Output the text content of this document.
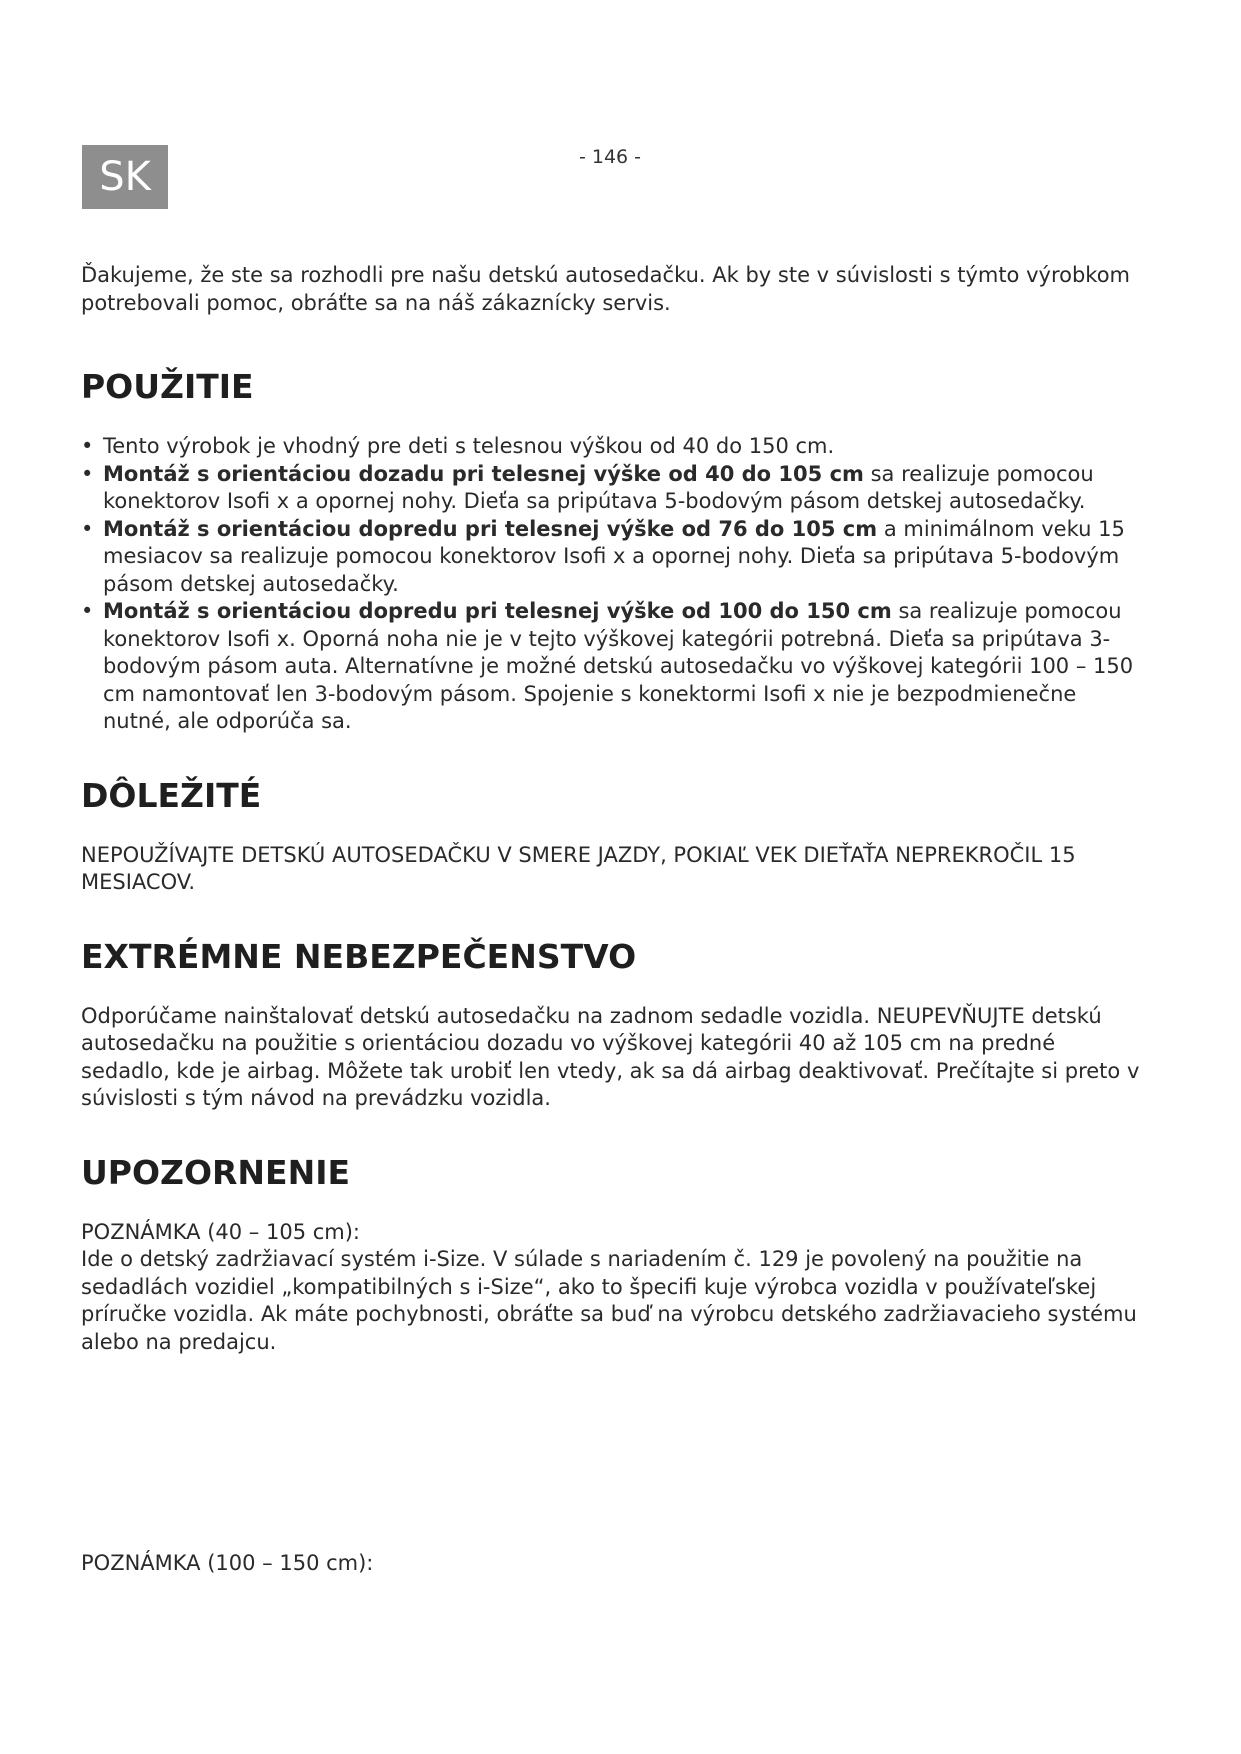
SK	- 146 -

Ďakujeme, že ste sa rozhodli pre našu detskú autosedačku. Ak by ste v súvislosti s týmto výrobkom potrebovali pomoc, obráťte sa na náš zákaznícky servis.

POUŽITIE
• Tento výrobok je vhodný pre deti s telesnou výškou od 40 do 150 cm.
• Montáž s orientáciou dozadu pri telesnej výške od 40 do 105 cm sa realizuje pomocou konektorov Isofi x a opornej nohy. Dieťa sa pripútava 5-bodovým pásom detskej autosedačky.
• Montáž s orientáciou dopredu pri telesnej výške od 76 do 105 cm a minimálnom veku 15 mesiacov sa realizuje pomocou konektorov Isofi x a opornej nohy. Dieťa sa pripútava 5-bodovým pásom detskej autosedačky.
• Montáž s orientáciou dopredu pri telesnej výške od 100 do 150 cm sa realizuje pomocou konektorov Isofi x. Oporná noha nie je v tejto výškovej kategórii potrebná. Dieťa sa pripútava 3-bodovým pásom auta. Alternatívne je možné detskú autosedačku vo výškovej kategórii 100 – 150 cm namontovať len 3-bodovým pásom. Spojenie s konektormi Isofi x nie je bezpodmienečne nutné, ale odporúča sa.
DÔLEŽITÉ

NEPOUŽÍVAJTE DETSKÚ AUTOSEDAČKU V SMERE JAZDY, POKIAĽ VEK DIEŤAŤA NEPREKROČIL 15 MESIACOV.

EXTRÉMNE NEBEZPEČENSTVO

Odporúčame nainštalovať detskú autosedačku na zadnom sedadle vozidla. NEUPEVŇUJTE detskú autosedačku na použitie s orientáciou dozadu vo výškovej kategórii 40 až 105 cm na predné sedadlo, kde je airbag. Môžete tak urobiť len vtedy, ak sa dá airbag deaktivovať. Prečítajte si preto v súvislosti s tým návod na prevádzku vozidla.

UPOZORNENIE

POZNÁMKA (40 – 105 cm):

Ide o detský zadržiavací systém i-Size. V súlade s nariadením č. 129 je povolený na použitie na sedadlách vozidiel „kompatibilných s i-Size“, ako to špecifi kuje výrobca vozidla v používateľskej príručke vozidla. Ak máte pochybnosti, obráťte sa buď na výrobcu detského zadržiavacieho systému alebo na predajcu.

POZNÁMKA (100 – 150 cm):
